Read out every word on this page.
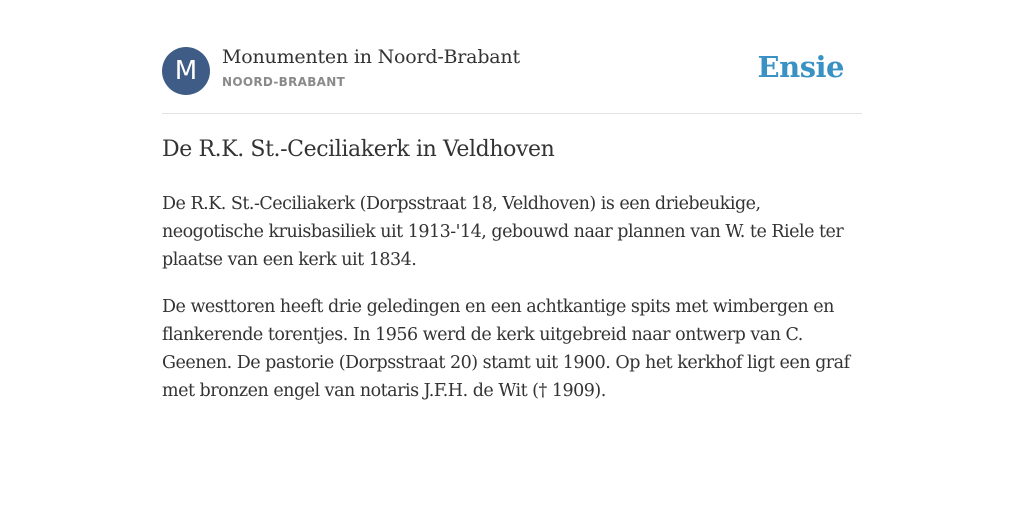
M	Monumenten in Noord-Brabant
NOORD-BRABANT	Ensie
De R.K. St.-Ceciliakerk in Veldhoven

De R.K. St.-Ceciliakerk (Dorpsstraat 18, Veldhoven) is een driebeukige, neogotische kruisbasiliek uit 1913-'14, gebouwd naar plannen van W. te Riele ter plaatse van een kerk uit 1834.

De westtoren heeft drie geledingen en een achtkantige spits met wimbergen en flankerende torentjes. In 1956 werd de kerk uitgebreid naar ontwerp van C. Geenen. De pastorie (Dorpsstraat 20) stamt uit 1900. Op het kerkhof ligt een graf met bronzen engel van notaris J.F.H. de Wit († 1909).
